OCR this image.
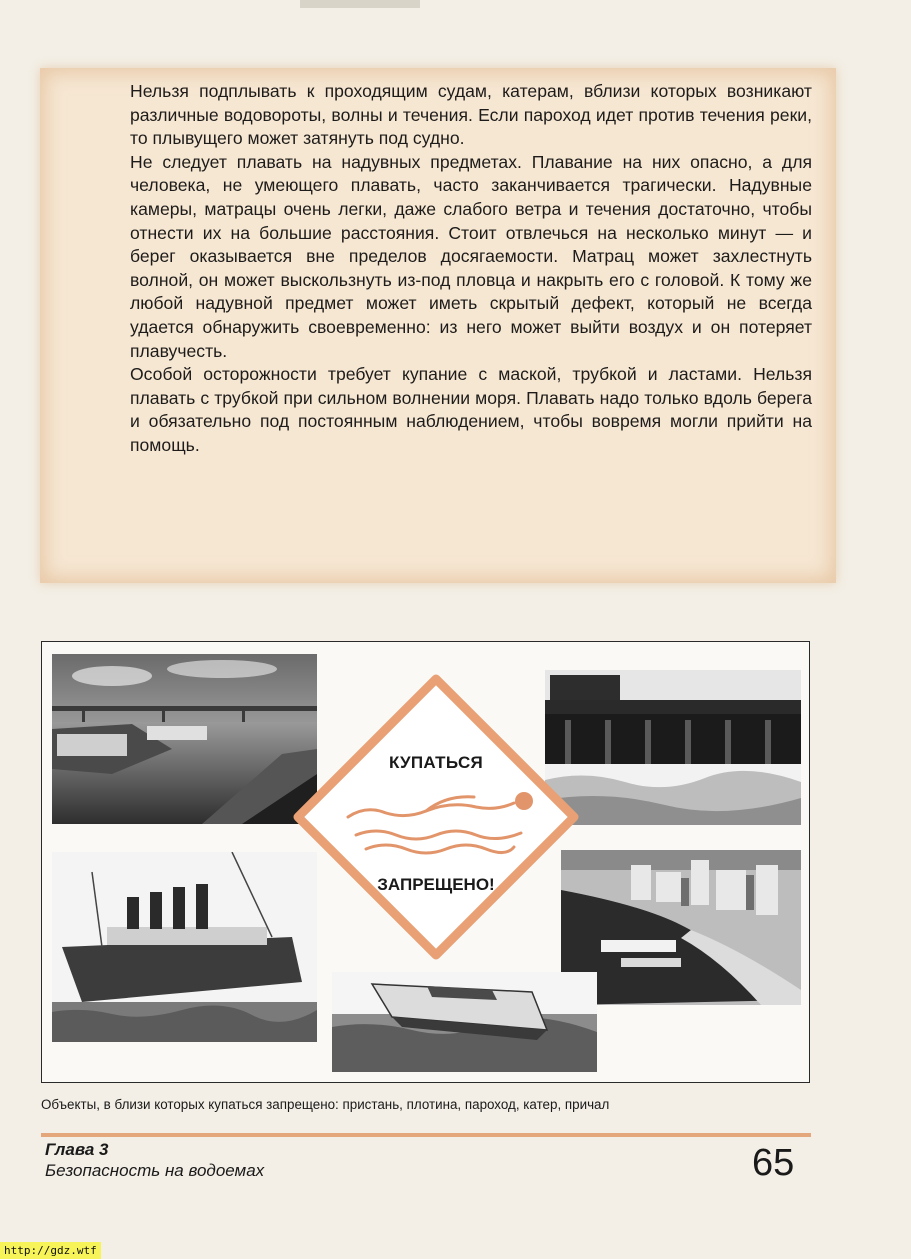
Нельзя подплывать к проходящим судам, катерам, вблизи которых возникают различные водовороты, волны и течения. Если пароход идет против течения реки, то плывущего может затянуть под судно.

Не следует плавать на надувных предметах. Плавание на них опасно, а для человека, не умеющего плавать, часто заканчивается трагически. Надувные камеры, матрацы очень легки, даже слабого ветра и течения достаточно, чтобы отнести их на большие расстояния. Стоит отвлечься на несколько минут — и берег оказывается вне пределов досягаемости. Матрац может захлестнуть волной, он может выскользнуть из-под пловца и накрыть его с головой. К тому же любой надувной предмет может иметь скрытый дефект, который не всегда удается обнаружить своевременно: из него может выйти воздух и он потеряет плавучесть.

Особой осторожности требует купание с маской, трубкой и ластами. Нельзя плавать с трубкой при сильном волнении моря. Плавать надо только вдоль берега и обязательно под постоянным наблюдением, чтобы вовремя могли прийти на помощь.

КУПАТЬСЯ
ЗАПРЕЩЕНО!
Объекты, в близи которых купаться запрещено: пристань, плотина, пароход, катер, причал
Глава 3
Безопасность на водоемах	65
http://gdz.wtf
